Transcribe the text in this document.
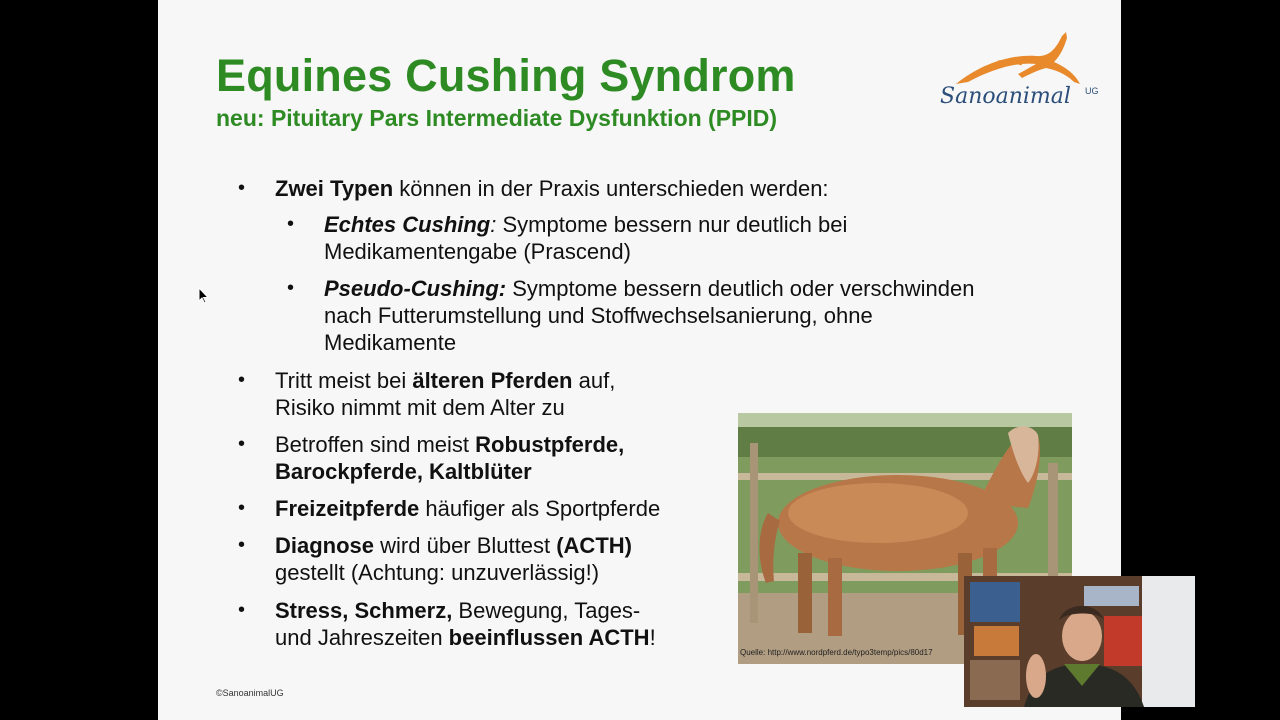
Equines Cushing Syndrom
neu: Pituitary Pars Intermediate Dysfunktion (PPID)
Sanoanimal UG
• Zwei Typen können in der Praxis unterschieden werden:
• Echtes Cushing: Symptome bessern nur deutlich bei
Medikamentengabe (Prascend)
• Pseudo-Cushing: Symptome bessern deutlich oder verschwinden
nach Futterumstellung und Stoffwechselsanierung, ohne
Medikamente
• Tritt meist bei älteren Pferden auf,
Risiko nimmt mit dem Alter zu
• Betroffen sind meist Robustpferde,
Barockpferde, Kaltblüter
• Freizeitpferde häufiger als Sportpferde
• Diagnose wird über Bluttest (ACTH)
gestellt (Achtung: unzuverlässig!)
• Stress, Schmerz, Bewegung, Tages-
und Jahreszeiten beeinflussen ACTH!
Quelle: http://www.nordpferd.de/typo3temp/pics/80d17
©SanoanimalUG
